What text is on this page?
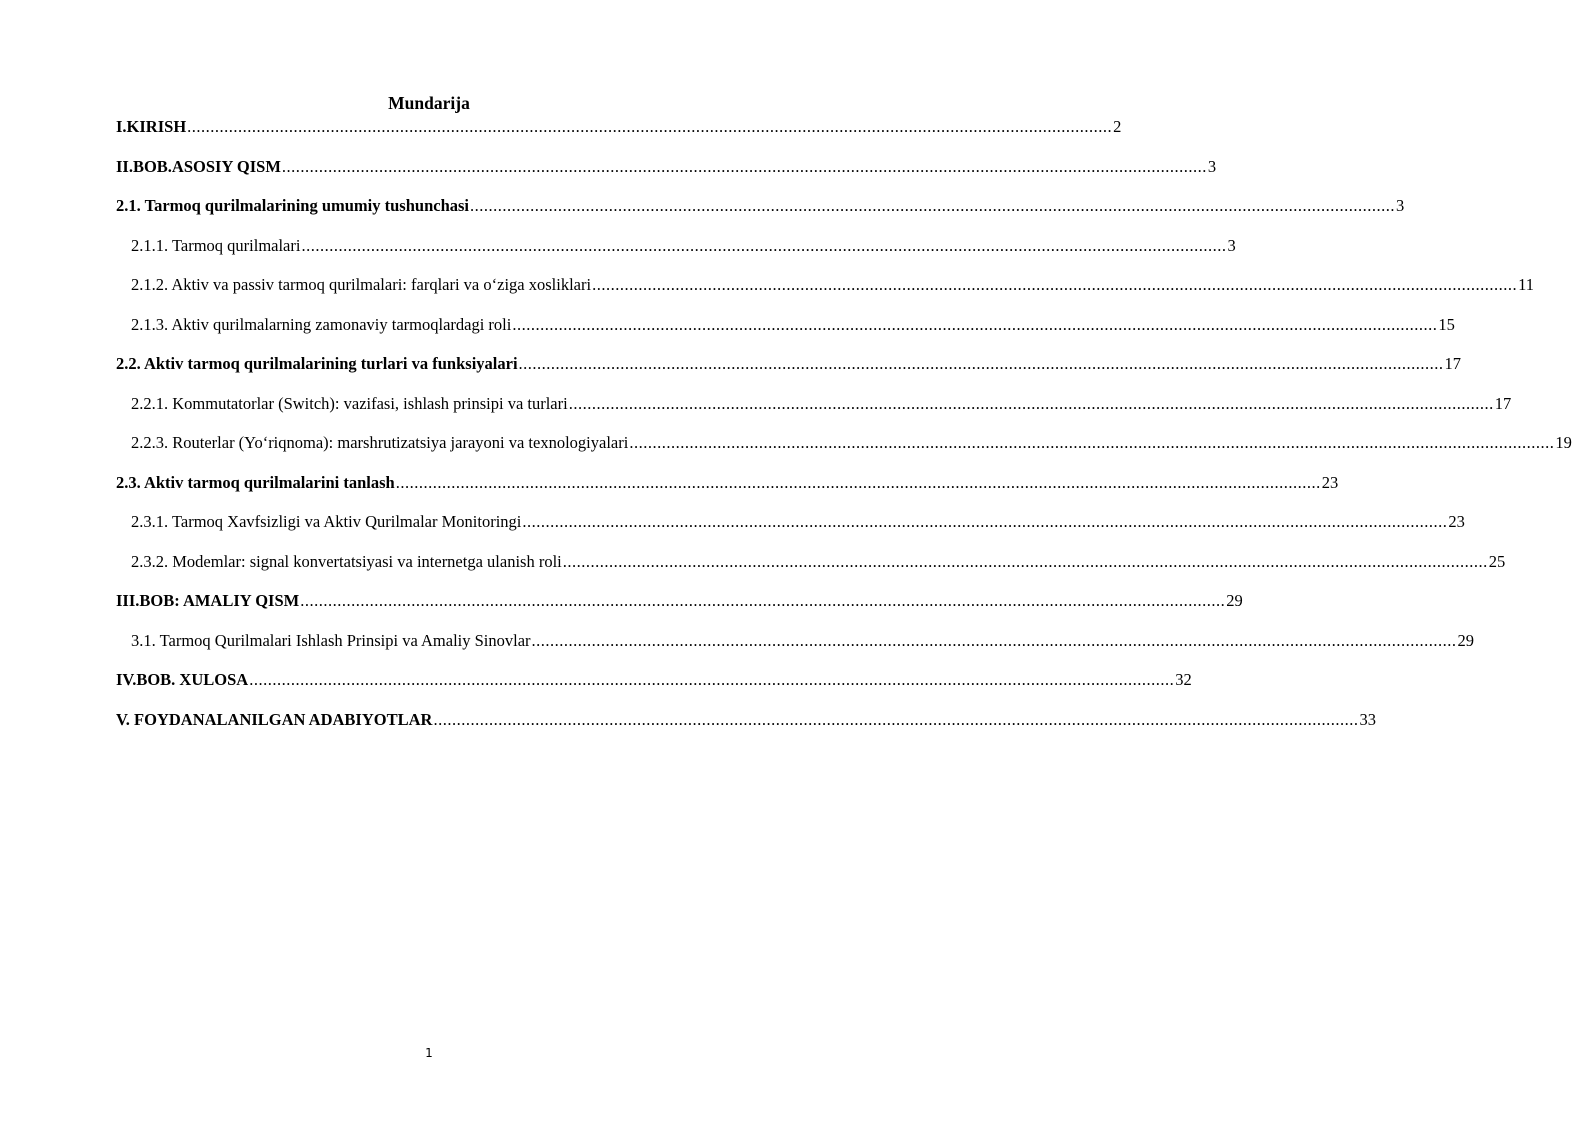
Mundarija
I.KIRISH ........................................................................................................................................................................................................ 2
II.BOB.ASOSIY QISM ........................................................................................................................................................................................................ 3
2.1. Tarmoq qurilmalarining umumiy tushunchasi ........................................................................................................................................................................................................ 3
2.1.1. Tarmoq qurilmalari ........................................................................................................................................................................................................ 3
2.1.2. Aktiv va passiv tarmoq qurilmalari: farqlari va o‘ziga xosliklari ........................................................................................................................................................................................................ 11
2.1.3. Aktiv qurilmalarning zamonaviy tarmoqlardagi roli ........................................................................................................................................................................................................ 15
2.2. Aktiv tarmoq qurilmalarining turlari va funksiyalari ........................................................................................................................................................................................................ 17
2.2.1. Kommutatorlar (Switch): vazifasi, ishlash prinsipi va turlari ........................................................................................................................................................................................................ 17
2.2.3. Routerlar (Yo‘riqnoma): marshrutizatsiya jarayoni va texnologiyalari ........................................................................................................................................................................................................ 19
2.3. Aktiv tarmoq qurilmalarini tanlash ........................................................................................................................................................................................................ 23
2.3.1. Tarmoq Xavfsizligi va Aktiv Qurilmalar Monitoringi ........................................................................................................................................................................................................ 23
2.3.2. Modemlar: signal konvertatsiyasi va internetga ulanish roli ........................................................................................................................................................................................................ 25
III.BOB: AMALIY QISM ........................................................................................................................................................................................................ 29
3.1. Tarmoq Qurilmalari Ishlash Prinsipi va Amaliy Sinovlar ........................................................................................................................................................................................................ 29
IV.BOB. XULOSA ........................................................................................................................................................................................................ 32
V. FOYDANALANILGAN ADABIYOTLAR ........................................................................................................................................................................................................ 33
1
